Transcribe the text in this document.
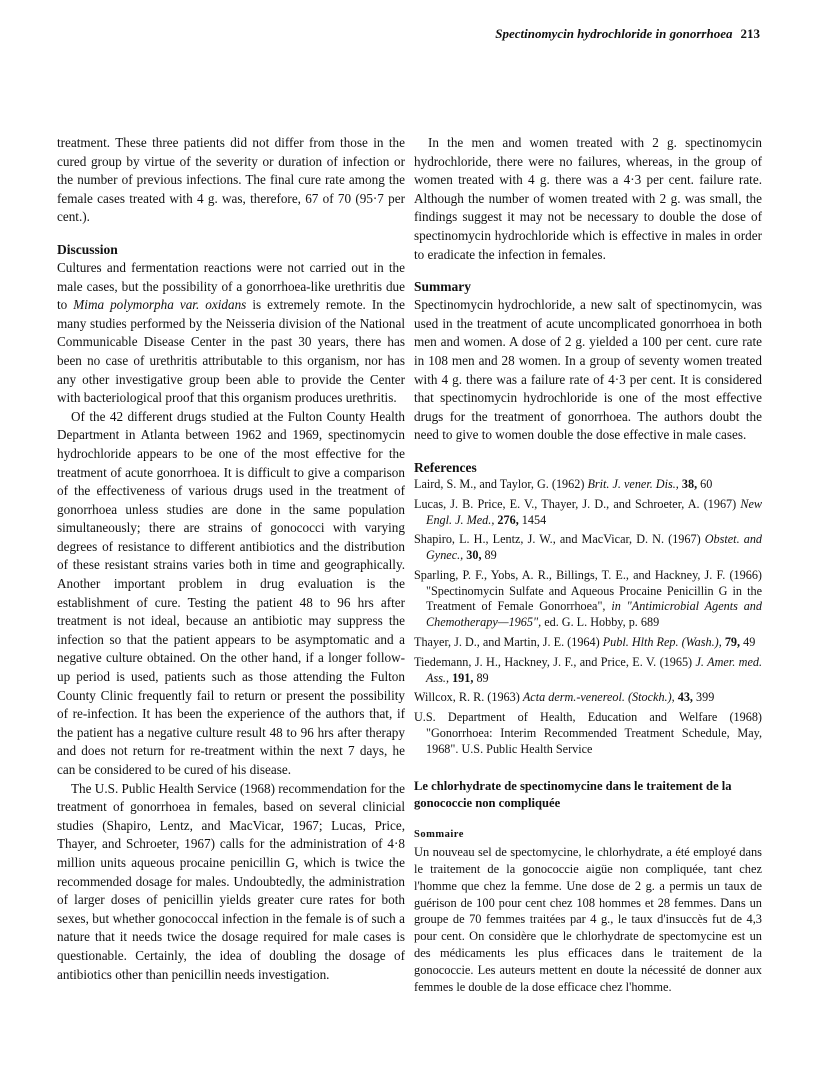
Spectinomycin hydrochloride in gonorrhoea 213

treatment. These three patients did not differ from those in the cured group by virtue of the severity or duration of infection or the number of previous infections. The final cure rate among the female cases treated with 4 g. was, therefore, 67 of 70 (95·7 per cent.).

Discussion

Cultures and fermentation reactions were not carried out in the male cases, but the possibility of a gonorrhoea-like urethritis due to Mima polymorpha var. oxidans is extremely remote. In the many studies performed by the Neisseria division of the National Communicable Disease Center in the past 30 years, there has been no case of urethritis attributable to this organism, nor has any other investigative group been able to provide the Center with bacteriological proof that this organism produces urethritis.

Of the 42 different drugs studied at the Fulton County Health Department in Atlanta between 1962 and 1969, spectinomycin hydrochloride appears to be one of the most effective for the treatment of acute gonorrhoea. It is difficult to give a comparison of the effectiveness of various drugs used in the treatment of gonorrhoea unless studies are done in the same population simultaneously; there are strains of gonococci with varying degrees of resistance to different antibiotics and the distribution of these resistant strains varies both in time and geographically. Another important problem in drug evaluation is the establishment of cure. Testing the patient 48 to 96 hrs after treatment is not ideal, because an antibiotic may suppress the infection so that the patient appears to be asymptomatic and a negative culture obtained. On the other hand, if a longer follow-up period is used, patients such as those attending the Fulton County Clinic frequently fail to return or present the possibility of re-infection. It has been the experience of the authors that, if the patient has a negative culture result 48 to 96 hrs after therapy and does not return for re-treatment within the next 7 days, he can be considered to be cured of his disease.

The U.S. Public Health Service (1968) recommendation for the treatment of gonorrhoea in females, based on several clinicial studies (Shapiro, Lentz, and MacVicar, 1967; Lucas, Price, Thayer, and Schroeter, 1967) calls for the administration of 4·8 million units aqueous procaine penicillin G, which is twice the recommended dosage for males. Undoubtedly, the administration of larger doses of penicillin yields greater cure rates for both sexes, but whether gonococcal infection in the female is of such a nature that it needs twice the dosage required for male cases is questionable. Certainly, the idea of doubling the dosage of antibiotics other than penicillin needs investigation.

In the men and women treated with 2 g. spectinomycin hydrochloride, there were no failures, whereas, in the group of women treated with 4 g. there was a 4·3 per cent. failure rate. Although the number of women treated with 2 g. was small, the findings suggest it may not be necessary to double the dose of spectinomycin hydrochloride which is effective in males in order to eradicate the infection in females.

Summary

Spectinomycin hydrochloride, a new salt of spectinomycin, was used in the treatment of acute uncomplicated gonorrhoea in both men and women. A dose of 2 g. yielded a 100 per cent. cure rate in 108 men and 28 women. In a group of seventy women treated with 4 g. there was a failure rate of 4·3 per cent. It is considered that spectinomycin hydrochloride is one of the most effective drugs for the treatment of gonorrhoea. The authors doubt the need to give to women double the dose effective in male cases.

References
Laird, S. M., and Taylor, G. (1962) Brit. J. vener. Dis., 38, 60
Lucas, J. B. Price, E. V., Thayer, J. D., and Schroeter, A. (1967) New Engl. J. Med., 276, 1454
Shapiro, L. H., Lentz, J. W., and MacVicar, D. N. (1967) Obstet. and Gynec., 30, 89
Sparling, P. F., Yobs, A. R., Billings, T. E., and Hackney, J. F. (1966) "Spectinomycin Sulfate and Aqueous Procaine Penicillin G in the Treatment of Female Gonorrhoea", in "Antimicrobial Agents and Chemotherapy—1965", ed. G. L. Hobby, p. 689
Thayer, J. D., and Martin, J. E. (1964) Publ. Hlth Rep. (Wash.), 79, 49
Tiedemann, J. H., Hackney, J. F., and Price, E. V. (1965) J. Amer. med. Ass., 191, 89
Willcox, R. R. (1963) Acta derm.-venereol. (Stockh.), 43, 399
U.S. Department of Health, Education and Welfare (1968) "Gonorrhoea: Interim Recommended Treatment Schedule, May, 1968". U.S. Public Health Service
Le chlorhydrate de spectinomycine dans le traitement de la gonococcie non compliquée
Sommaire

Un nouveau sel de spectomycine, le chlorhydrate, a été employé dans le traitement de la gonococcie aigüe non compliquée, tant chez l'homme que chez la femme. Une dose de 2 g. a permis un taux de guérison de 100 pour cent chez 108 hommes et 28 femmes. Dans un groupe de 70 femmes traitées par 4 g., le taux d'insuccès fut de 4,3 pour cent. On considère que le chlorhydrate de spectomycine est un des médicaments les plus efficaces dans le traitement de la gonococcie. Les auteurs mettent en doute la nécessité de donner aux femmes le double de la dose efficace chez l'homme.
